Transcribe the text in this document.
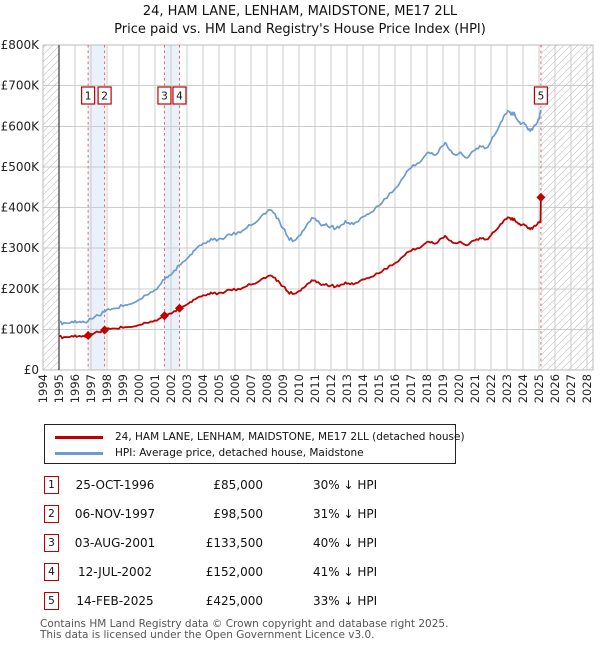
24, HAM LANE, LENHAM, MAIDSTONE, ME17 2LL
Price paid vs. HM Land Registry's House Price Index (HPI)
£0
£100K
£200K
£300K
£400K
£500K
£600K
£700K
£800K
1994 1995 1996 1997 1998 1999 2000 2001 2002 2003 2004 2005 2006 2007 2008 2009 2010 2011 2012 2013 2014 2015 2016 2017 2018 2019 2020 2021 2022 2023 2024 2025 2026 2027 2028
1 2	3 4	5
24, HAM LANE, LENHAM, MAIDSTONE, ME17 2LL (detached house)
HPI: Average price, detached house, Maidstone
1	25-OCT-1996	£85,000	30% ↓ HPI
2	06-NOV-1997	£98,500	31% ↓ HPI
3	03-AUG-2001	£133,500	40% ↓ HPI
4	12-JUL-2002	£152,000	41% ↓ HPI
5	14-FEB-2025	£425,000	33% ↓ HPI
Contains HM Land Registry data © Crown copyright and database right 2025.
This data is licensed under the Open Government Licence v3.0.
